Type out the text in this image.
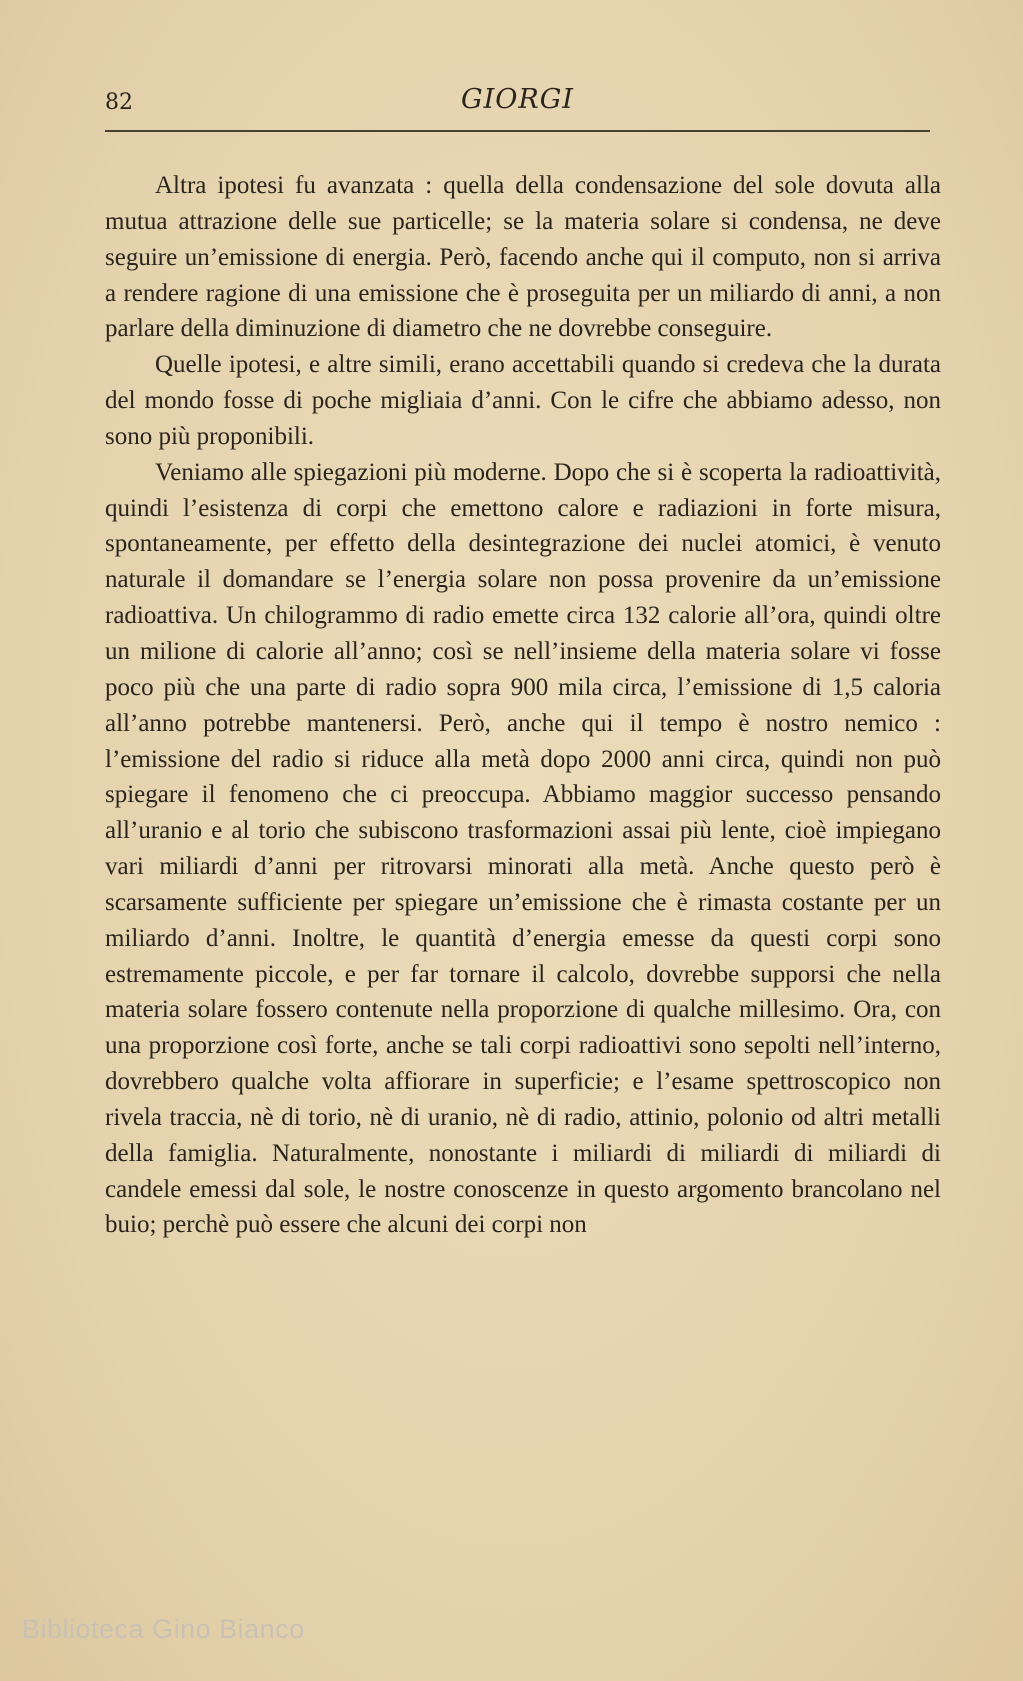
82	GIORGI

Altra ipotesi fu avanzata : quella della condensazione del sole dovuta alla mutua attrazione delle sue particelle; se la materia solare si condensa, ne deve seguire un’emissione di energia. Però, facendo anche qui il computo, non si arriva a rendere ragione di una emissione che è proseguita per un miliardo di anni, a non parlare della diminuzione di diametro che ne dovrebbe conseguire.

Quelle ipotesi, e altre simili, erano accettabili quando si credeva che la durata del mondo fosse di poche migliaia d’anni. Con le cifre che abbiamo adesso, non sono più proponibili.

Veniamo alle spiegazioni più moderne. Dopo che si è scoperta la radioattività, quindi l’esistenza di corpi che emettono calore e radiazioni in forte misura, spontaneamente, per effetto della desintegrazione dei nuclei atomici, è venuto naturale il domandare se l’energia solare non possa provenire da un’emissione radioattiva. Un chilogrammo di radio emette circa 132 calorie all’ora, quindi oltre un milione di calorie all’anno; così se nell’insieme della materia solare vi fosse poco più che una parte di radio sopra 900 mila circa, l’emissione di 1,5 caloria all’anno potrebbe mantenersi. Però, anche qui il tempo è nostro nemico : l’emissione del radio si riduce alla metà dopo 2000 anni circa, quindi non può spiegare il fenomeno che ci preoccupa. Abbiamo maggior successo pensando all’uranio e al torio che subiscono trasformazioni assai più lente, cioè impiegano vari miliardi d’anni per ritrovarsi minorati alla metà. Anche questo però è scarsamente sufficiente per spiegare un’emissione che è rimasta costante per un miliardo d’anni. Inoltre, le quantità d’energia emesse da questi corpi sono estremamente piccole, e per far tornare il calcolo, dovrebbe supporsi che nella materia solare fossero contenute nella proporzione di qualche millesimo. Ora, con una proporzione così forte, anche se tali corpi radioattivi sono sepolti nell’interno, dovrebbero qualche volta affiorare in superficie; e l’esame spettroscopico non rivela traccia, nè di torio, nè di uranio, nè di radio, attinio, polonio od altri metalli della famiglia. Naturalmente, nonostante i miliardi di miliardi di miliardi di candele emessi dal sole, le nostre conoscenze in questo argomento brancolano nel buio; perchè può essere che alcuni dei corpi non

Biblioteca Gino Bianco
